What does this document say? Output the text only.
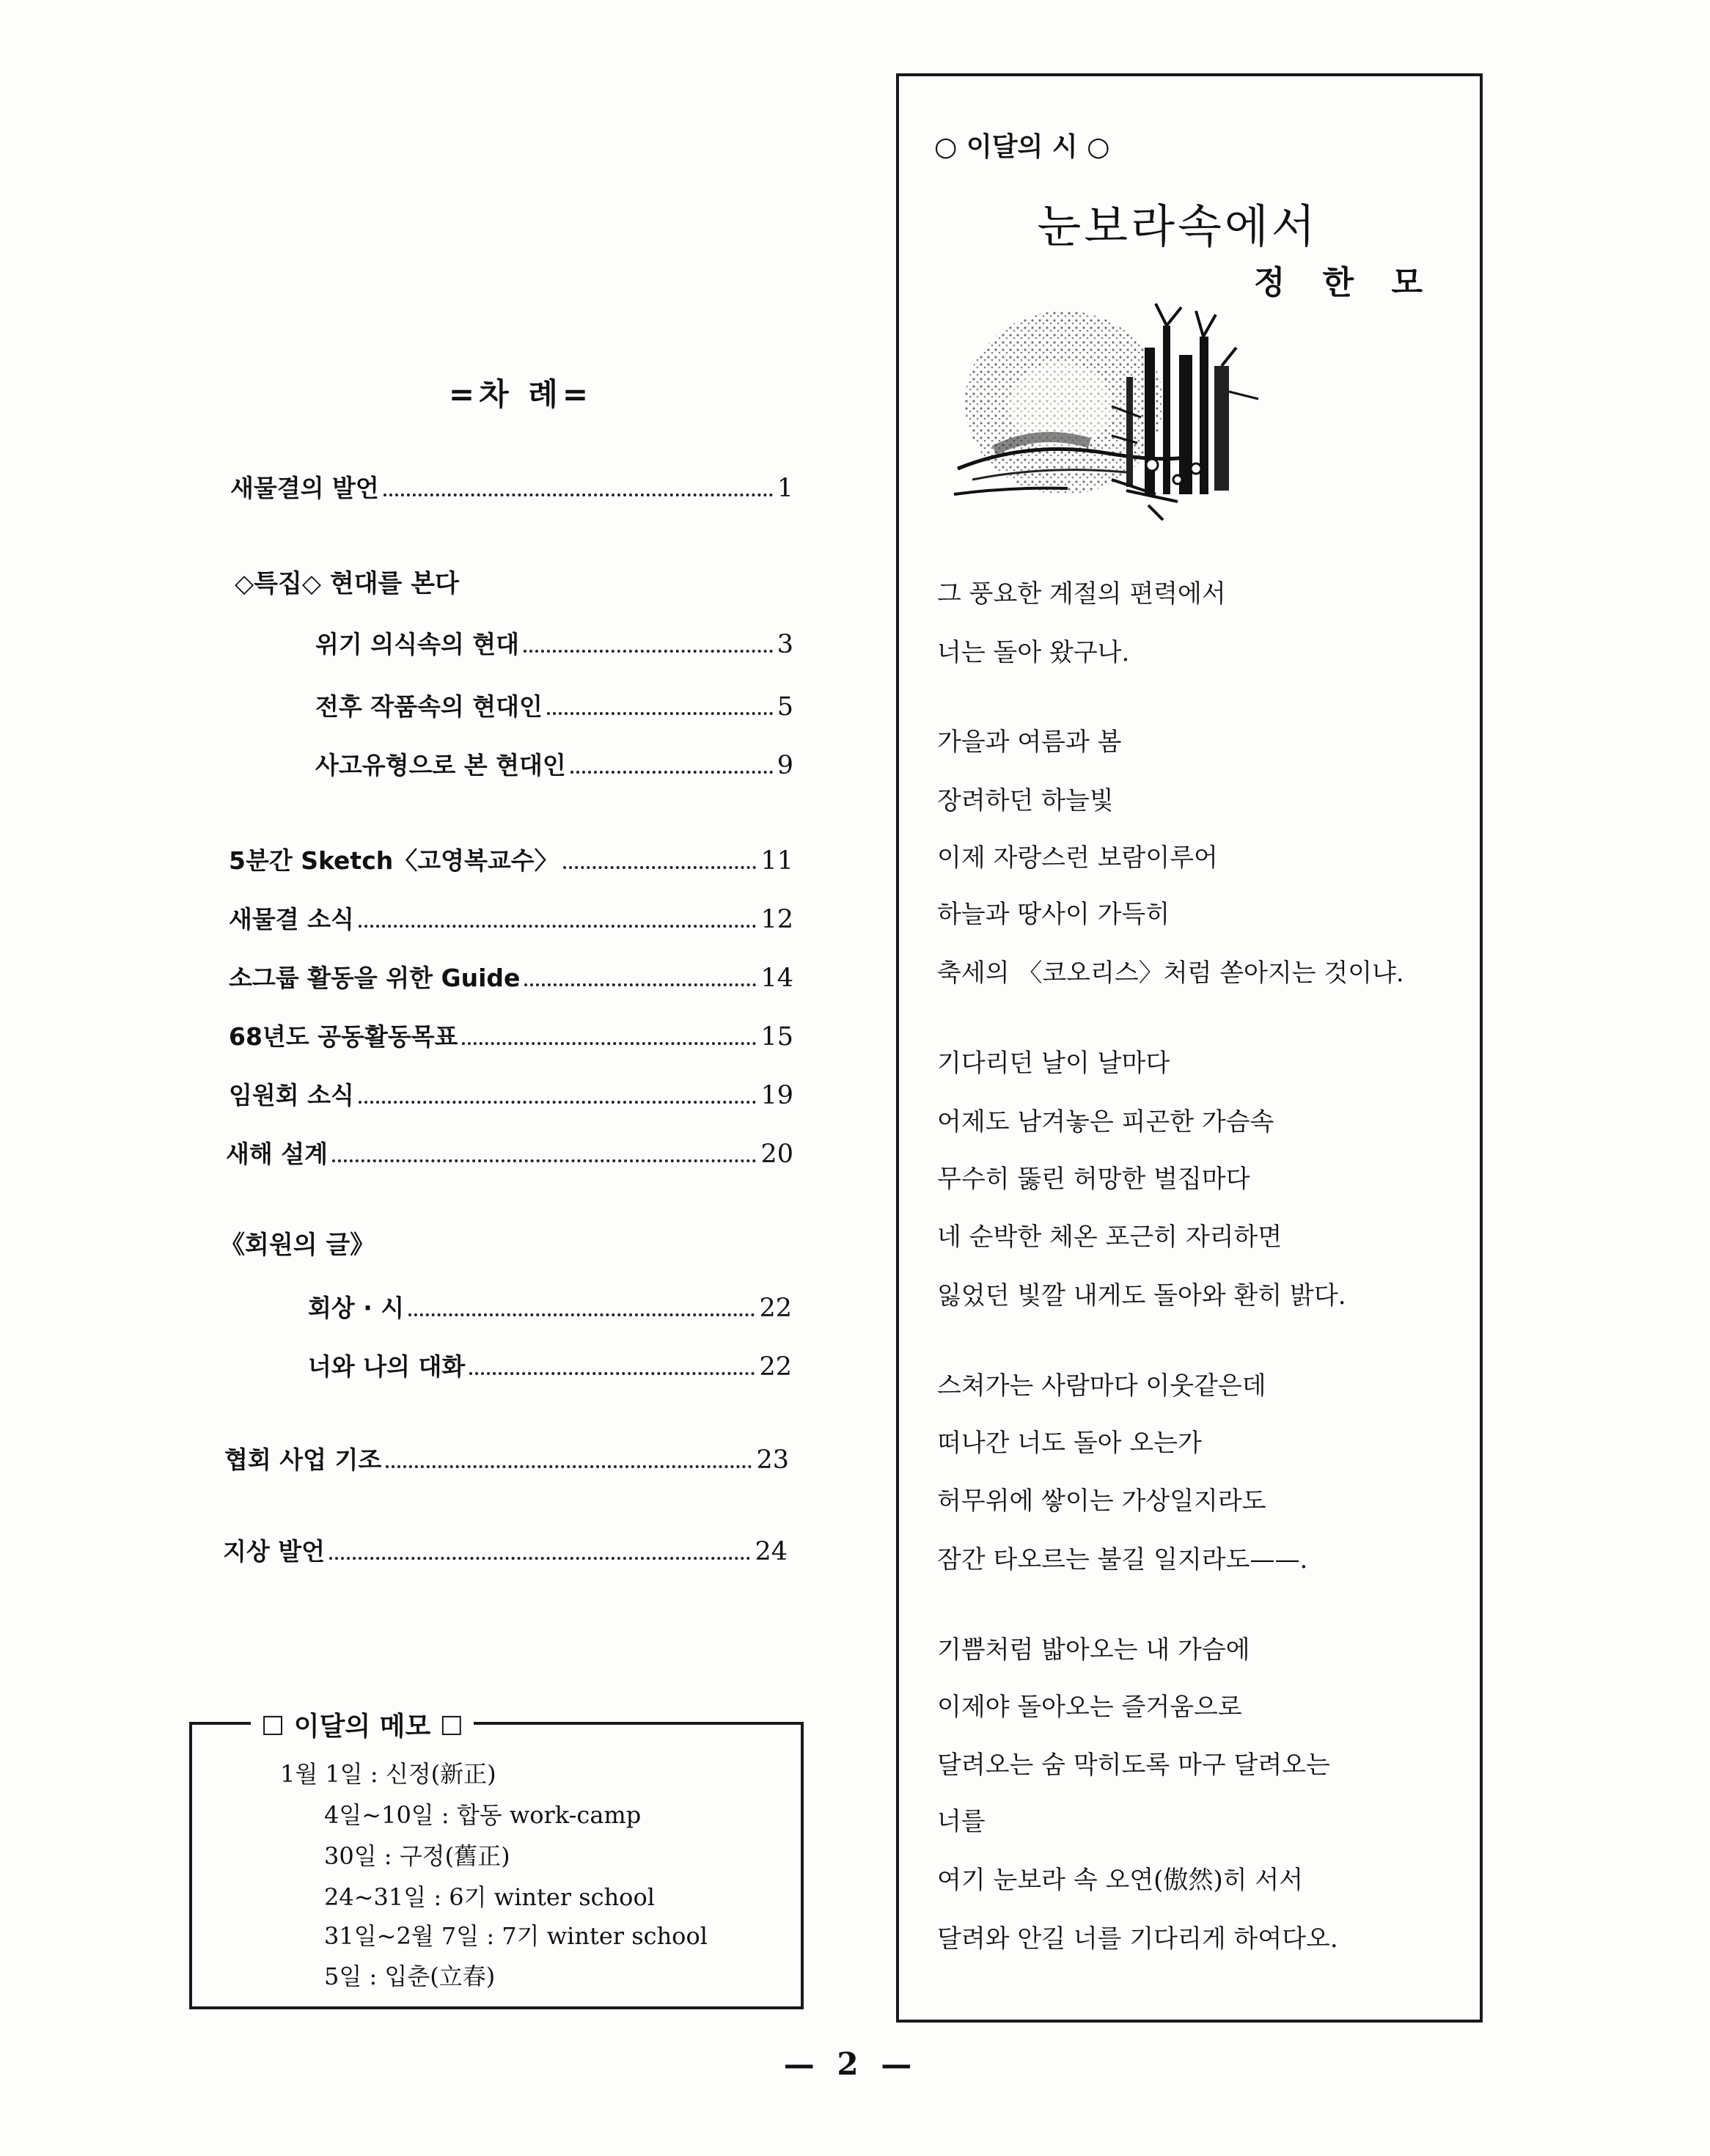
=차 례=
새물결의 발언	1
◇특집◇ 현대를 본다
위기 의식속의 현대	3
전후 작품속의 현대인	5
사고유형으로 본 현대인	9
5분간 Sketch〈고영복교수〉	11
새물결 소식	12
소그룹 활동을 위한 Guide	14
68년도 공동활동목표	15
임원회 소식	19
새해 설계	20
《회원의 글》
회상 · 시	22
너와 나의 대화	22
협회 사업 기조	23
지상 발언	24
☐ 이달의 메모 ☐
1월 1일 : 신정(新正)
4일~10일 : 합동 work-camp
30일 : 구정(舊正)
24~31일 : 6기 winter school
31일~2월 7일 : 7기 winter school
5일 : 입춘(立春)
○ 이달의 시 ○
눈보라속에서
정 한 모
그 풍요한 계절의 편력에서
너는 돌아 왔구나.
가을과 여름과 봄
장려하던 하늘빛
이제 자랑스런 보람이루어
하늘과 땅사이 가득히
축세의 〈코오리스〉처럼 쏟아지는 것이냐.
기다리던 날이 날마다
어제도 남겨놓은 피곤한 가슴속
무수히 뚫린 허망한 벌집마다
네 순박한 체온 포근히 자리하면
잃었던 빛깔 내게도 돌아와 환히 밝다.
스쳐가는 사람마다 이웃같은데
떠나간 너도 돌아 오는가
허무위에 쌓이는 가상일지라도
잠간 타오르는 불길 일지라도——.
기쁨처럼 밟아오는 내 가슴에
이제야 돌아오는 즐거움으로
달려오는 숨 막히도록 마구 달려오는
너를
여기 눈보라 속 오연(傲然)히 서서
달려와 안길 너를 기다리게 하여다오.
— 2 —
